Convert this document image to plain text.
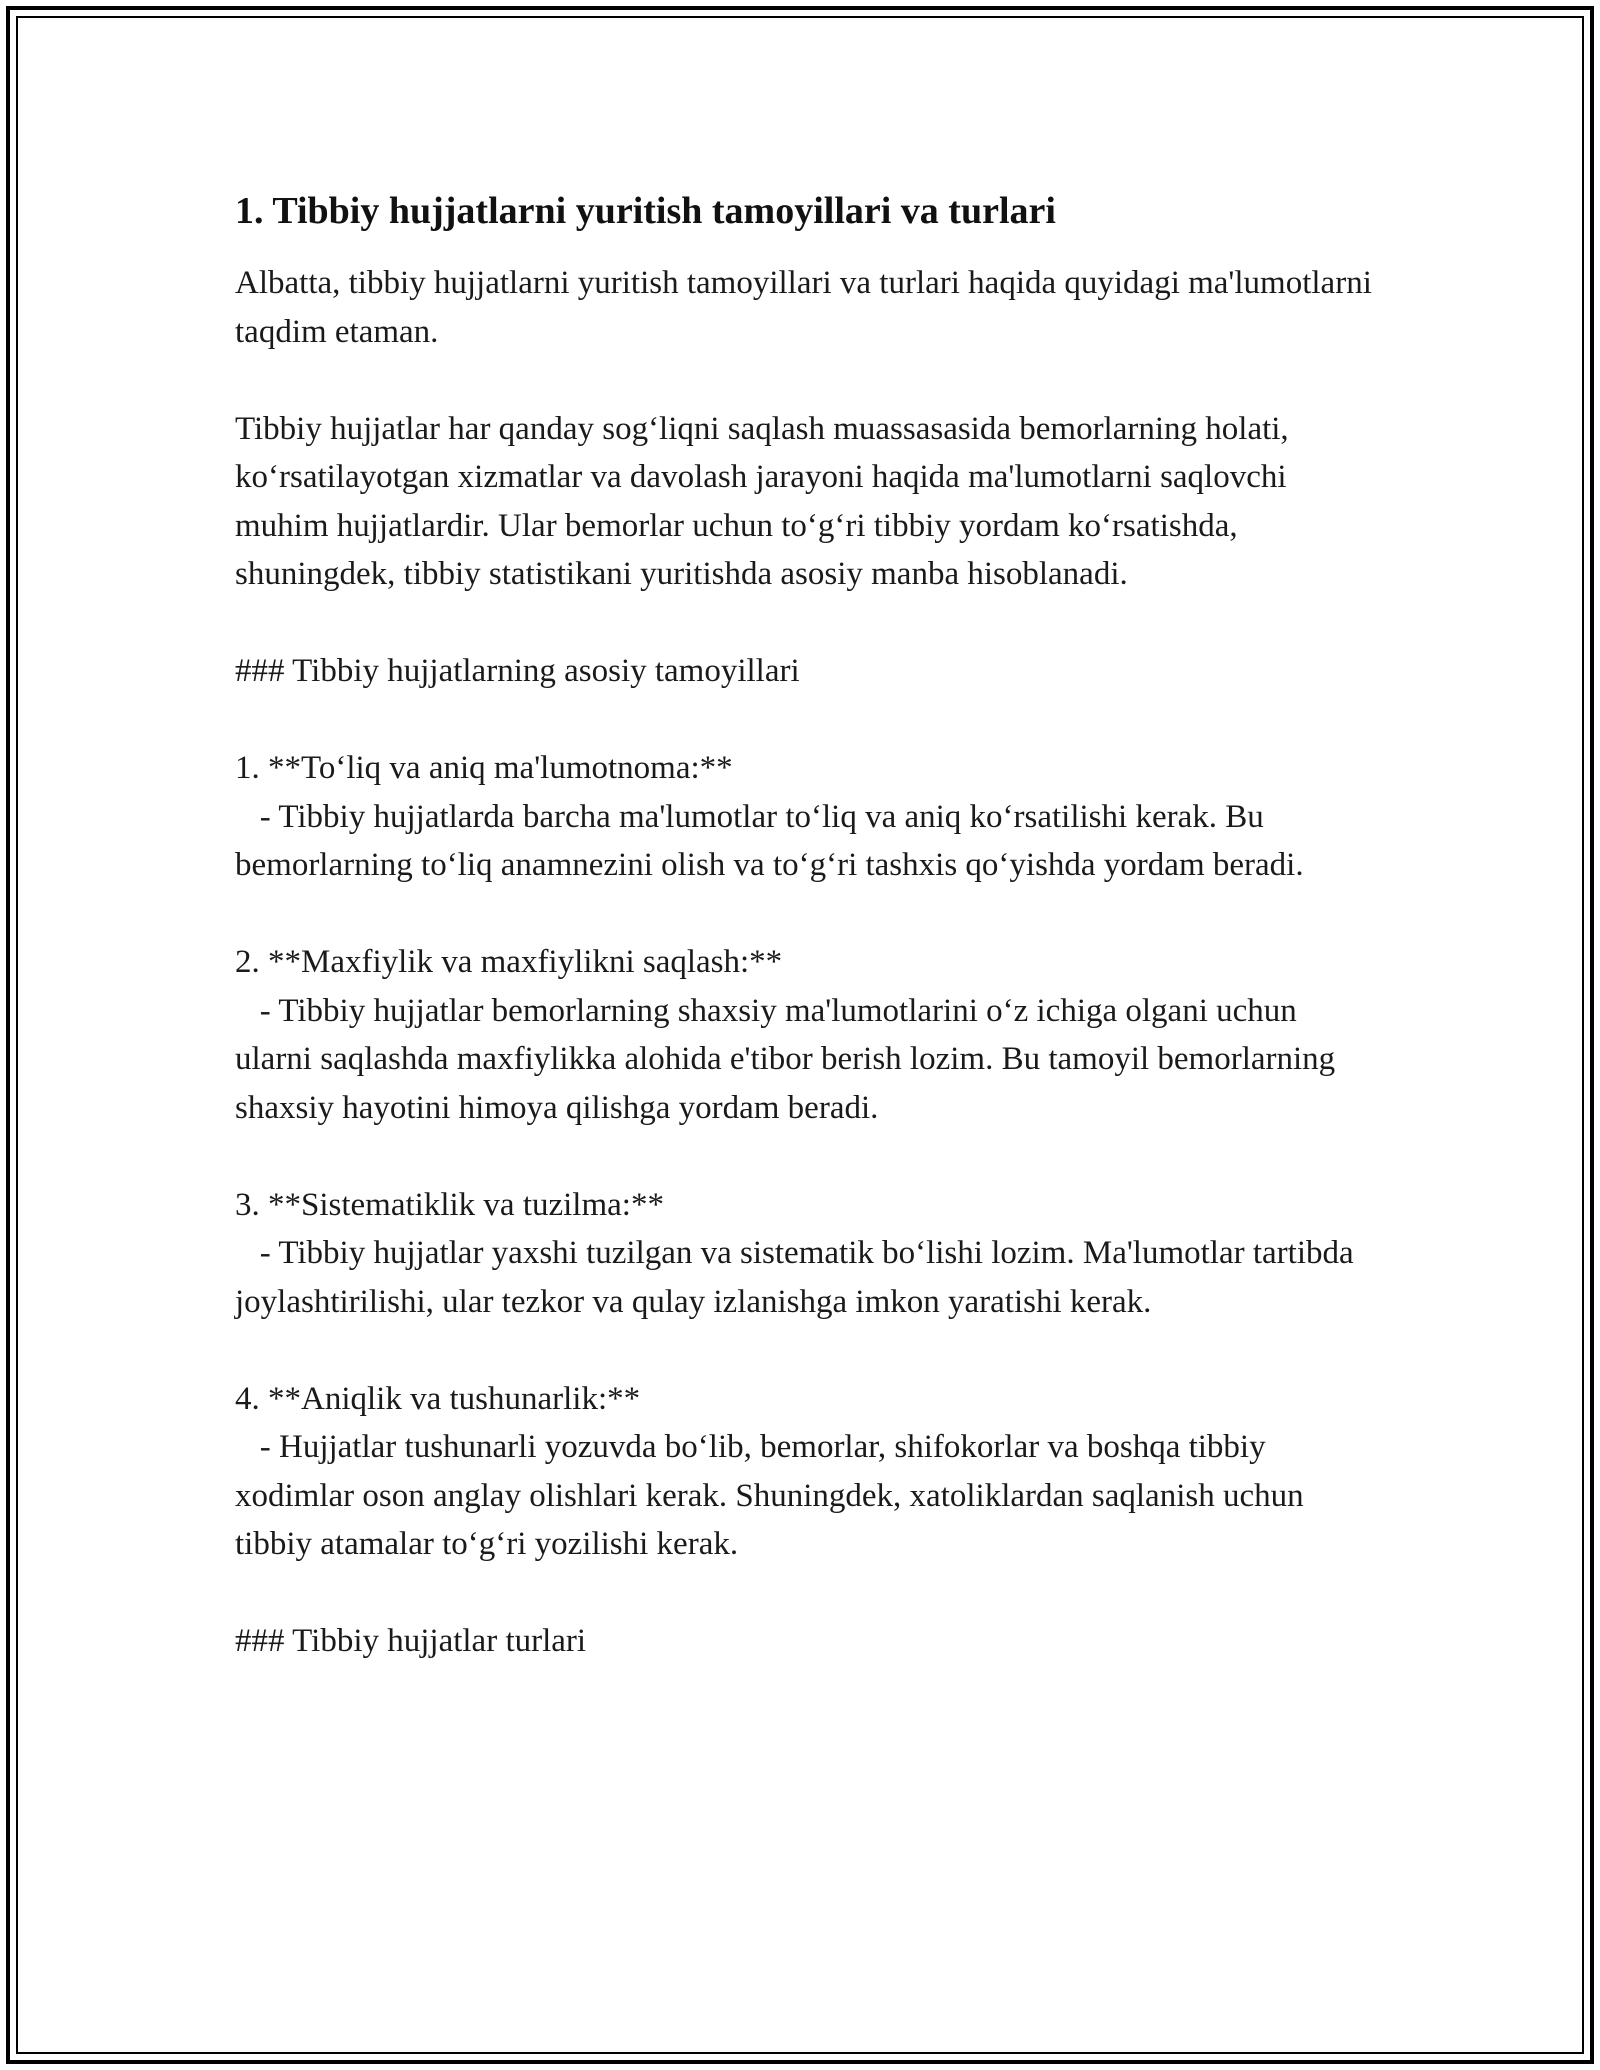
1. Tibbiy hujjatlarni yuritish tamoyillari va turlari

Albatta, tibbiy hujjatlarni yuritish tamoyillari va turlari haqida quyidagi ma'lumotlarni taqdim etaman.

Tibbiy hujjatlar har qanday sog‘liqni saqlash muassasasida bemorlarning holati, ko‘rsatilayotgan xizmatlar va davolash jarayoni haqida ma'lumotlarni saqlovchi muhim hujjatlardir. Ular bemorlar uchun to‘g‘ri tibbiy yordam ko‘rsatishda, shuningdek, tibbiy statistikani yuritishda asosiy manba hisoblanadi.

### Tibbiy hujjatlarning asosiy tamoyillari

1. **To‘liq va aniq ma'lumotnoma:**

- Tibbiy hujjatlarda barcha ma'lumotlar to‘liq va aniq ko‘rsatilishi kerak. Bu bemorlarning to‘liq anamnezini olish va to‘g‘ri tashxis qo‘yishda yordam beradi.

2. **Maxfiylik va maxfiylikni saqlash:**

- Tibbiy hujjatlar bemorlarning shaxsiy ma'lumotlarini o‘z ichiga olgani uchun ularni saqlashda maxfiylikka alohida e'tibor berish lozim. Bu tamoyil bemorlarning shaxsiy hayotini himoya qilishga yordam beradi.

3. **Sistematiklik va tuzilma:**

- Tibbiy hujjatlar yaxshi tuzilgan va sistematik bo‘lishi lozim. Ma'lumotlar tartibda joylashtirilishi, ular tezkor va qulay izlanishga imkon yaratishi kerak.

4. **Aniqlik va tushunarlik:**

- Hujjatlar tushunarli yozuvda bo‘lib, bemorlar, shifokorlar va boshqa tibbiy xodimlar oson anglay olishlari kerak. Shuningdek, xatoliklardan saqlanish uchun tibbiy atamalar to‘g‘ri yozilishi kerak.

### Tibbiy hujjatlar turlari
